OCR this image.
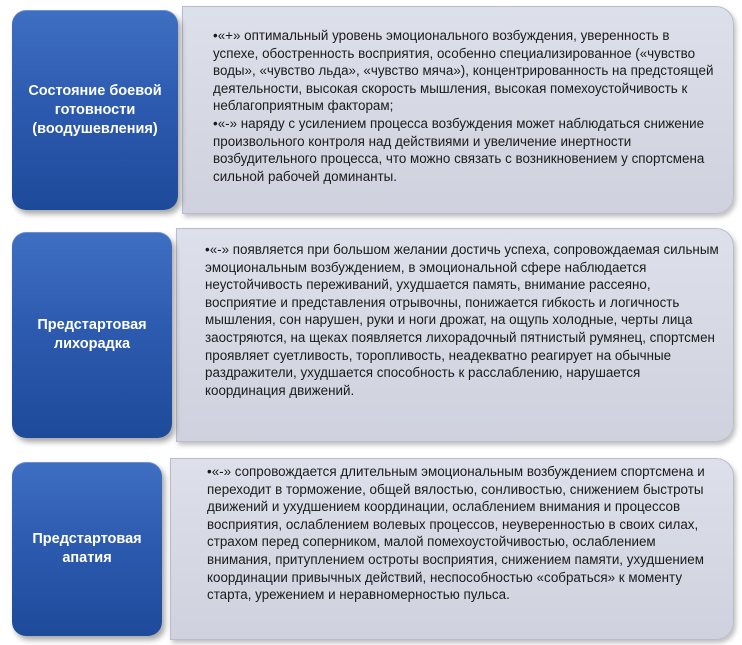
•«+» оптимальный уровень эмоционального возбуждения, уверенность в успехе, обостренность восприятия, особенно специализированное («чувство воды», «чувство льда», «чувство мяча»), концентрированность на предстоящей деятельности, высокая скорость мышления, высокая помехоустойчивость к неблагоприятным факторам;

•«-» наряду с усилением процесса возбуждения может наблюдаться снижение произвольного контроля над действиями и увеличение инертности возбудительного процесса, что можно связать с возникновением у спортсмена сильной рабочей доминанты.

Состояние боевой готовности (воодушевления)

•«-» появляется при большом желании достичь успеха, сопровождаемая сильным эмоциональным возбуждением, в эмоциональной сфере наблюдается неустойчивость переживаний, ухудшается память, внимание рассеяно, восприятие и представления отрывочны, понижается гибкость и логичность мышления, сон нарушен, руки и ноги дрожат, на ощупь холодные, черты лица заостряются, на щеках появляется лихорадочный пятнистый румянец, спортсмен проявляет суетливость, торопливость, неадекватно реагирует на обычные раздражители, ухудшается способность к расслаблению, нарушается координация движений.

Предстартовая лихорадка

•«-» сопровождается длительным эмоциональным возбуждением спортсмена и переходит в торможение, общей вялостью, сонливостью, снижением быстроты движений и ухудшением координации, ослаблением внимания и процессов восприятия, ослаблением волевых процессов, неуверенностью в своих силах, страхом перед соперником, малой помехоустойчивостью, ослаблением внимания, притуплением остроты восприятия, снижением памяти, ухудшением координации привычных действий, неспособностью «собраться» к моменту старта, урежением и неравномерностью пульса.

Предстартовая апатия
